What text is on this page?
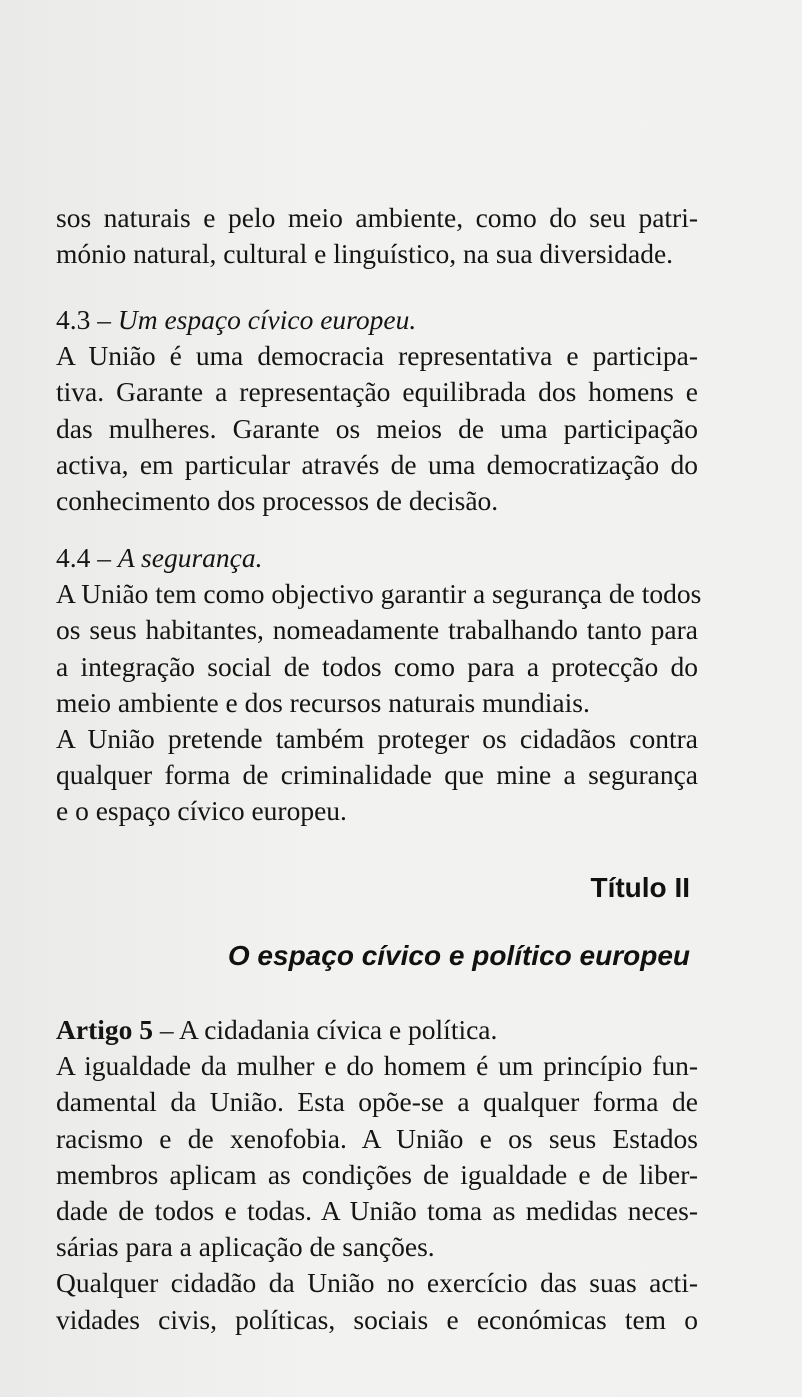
sos naturais e pelo meio ambiente, como do seu patri-
mónio natural, cultural e linguístico, na sua diversidade.
4.3 – Um espaço cívico europeu.
A União é uma democracia representativa e participa-
tiva. Garante a representação equilibrada dos homens e
das mulheres. Garante os meios de uma participação
activa, em particular através de uma democratização do
conhecimento dos processos de decisão.
4.4 – A segurança.
A União tem como objectivo garantir a segurança de todos
os seus habitantes, nomeadamente trabalhando tanto para
a integração social de todos como para a protecção do
meio ambiente e dos recursos naturais mundiais.
A União pretende também proteger os cidadãos contra
qualquer forma de criminalidade que mine a segurança
e o espaço cívico europeu.
Título II
O espaço cívico e político europeu
Artigo 5 – A cidadania cívica e política.
A igualdade da mulher e do homem é um princípio fun-
damental da União. Esta opõe-se a qualquer forma de
racismo e de xenofobia. A União e os seus Estados
membros aplicam as condições de igualdade e de liber-
dade de todos e todas. A União toma as medidas neces-
sárias para a aplicação de sanções.
Qualquer cidadão da União no exercício das suas acti-
vidades civis, políticas, sociais e económicas tem o
